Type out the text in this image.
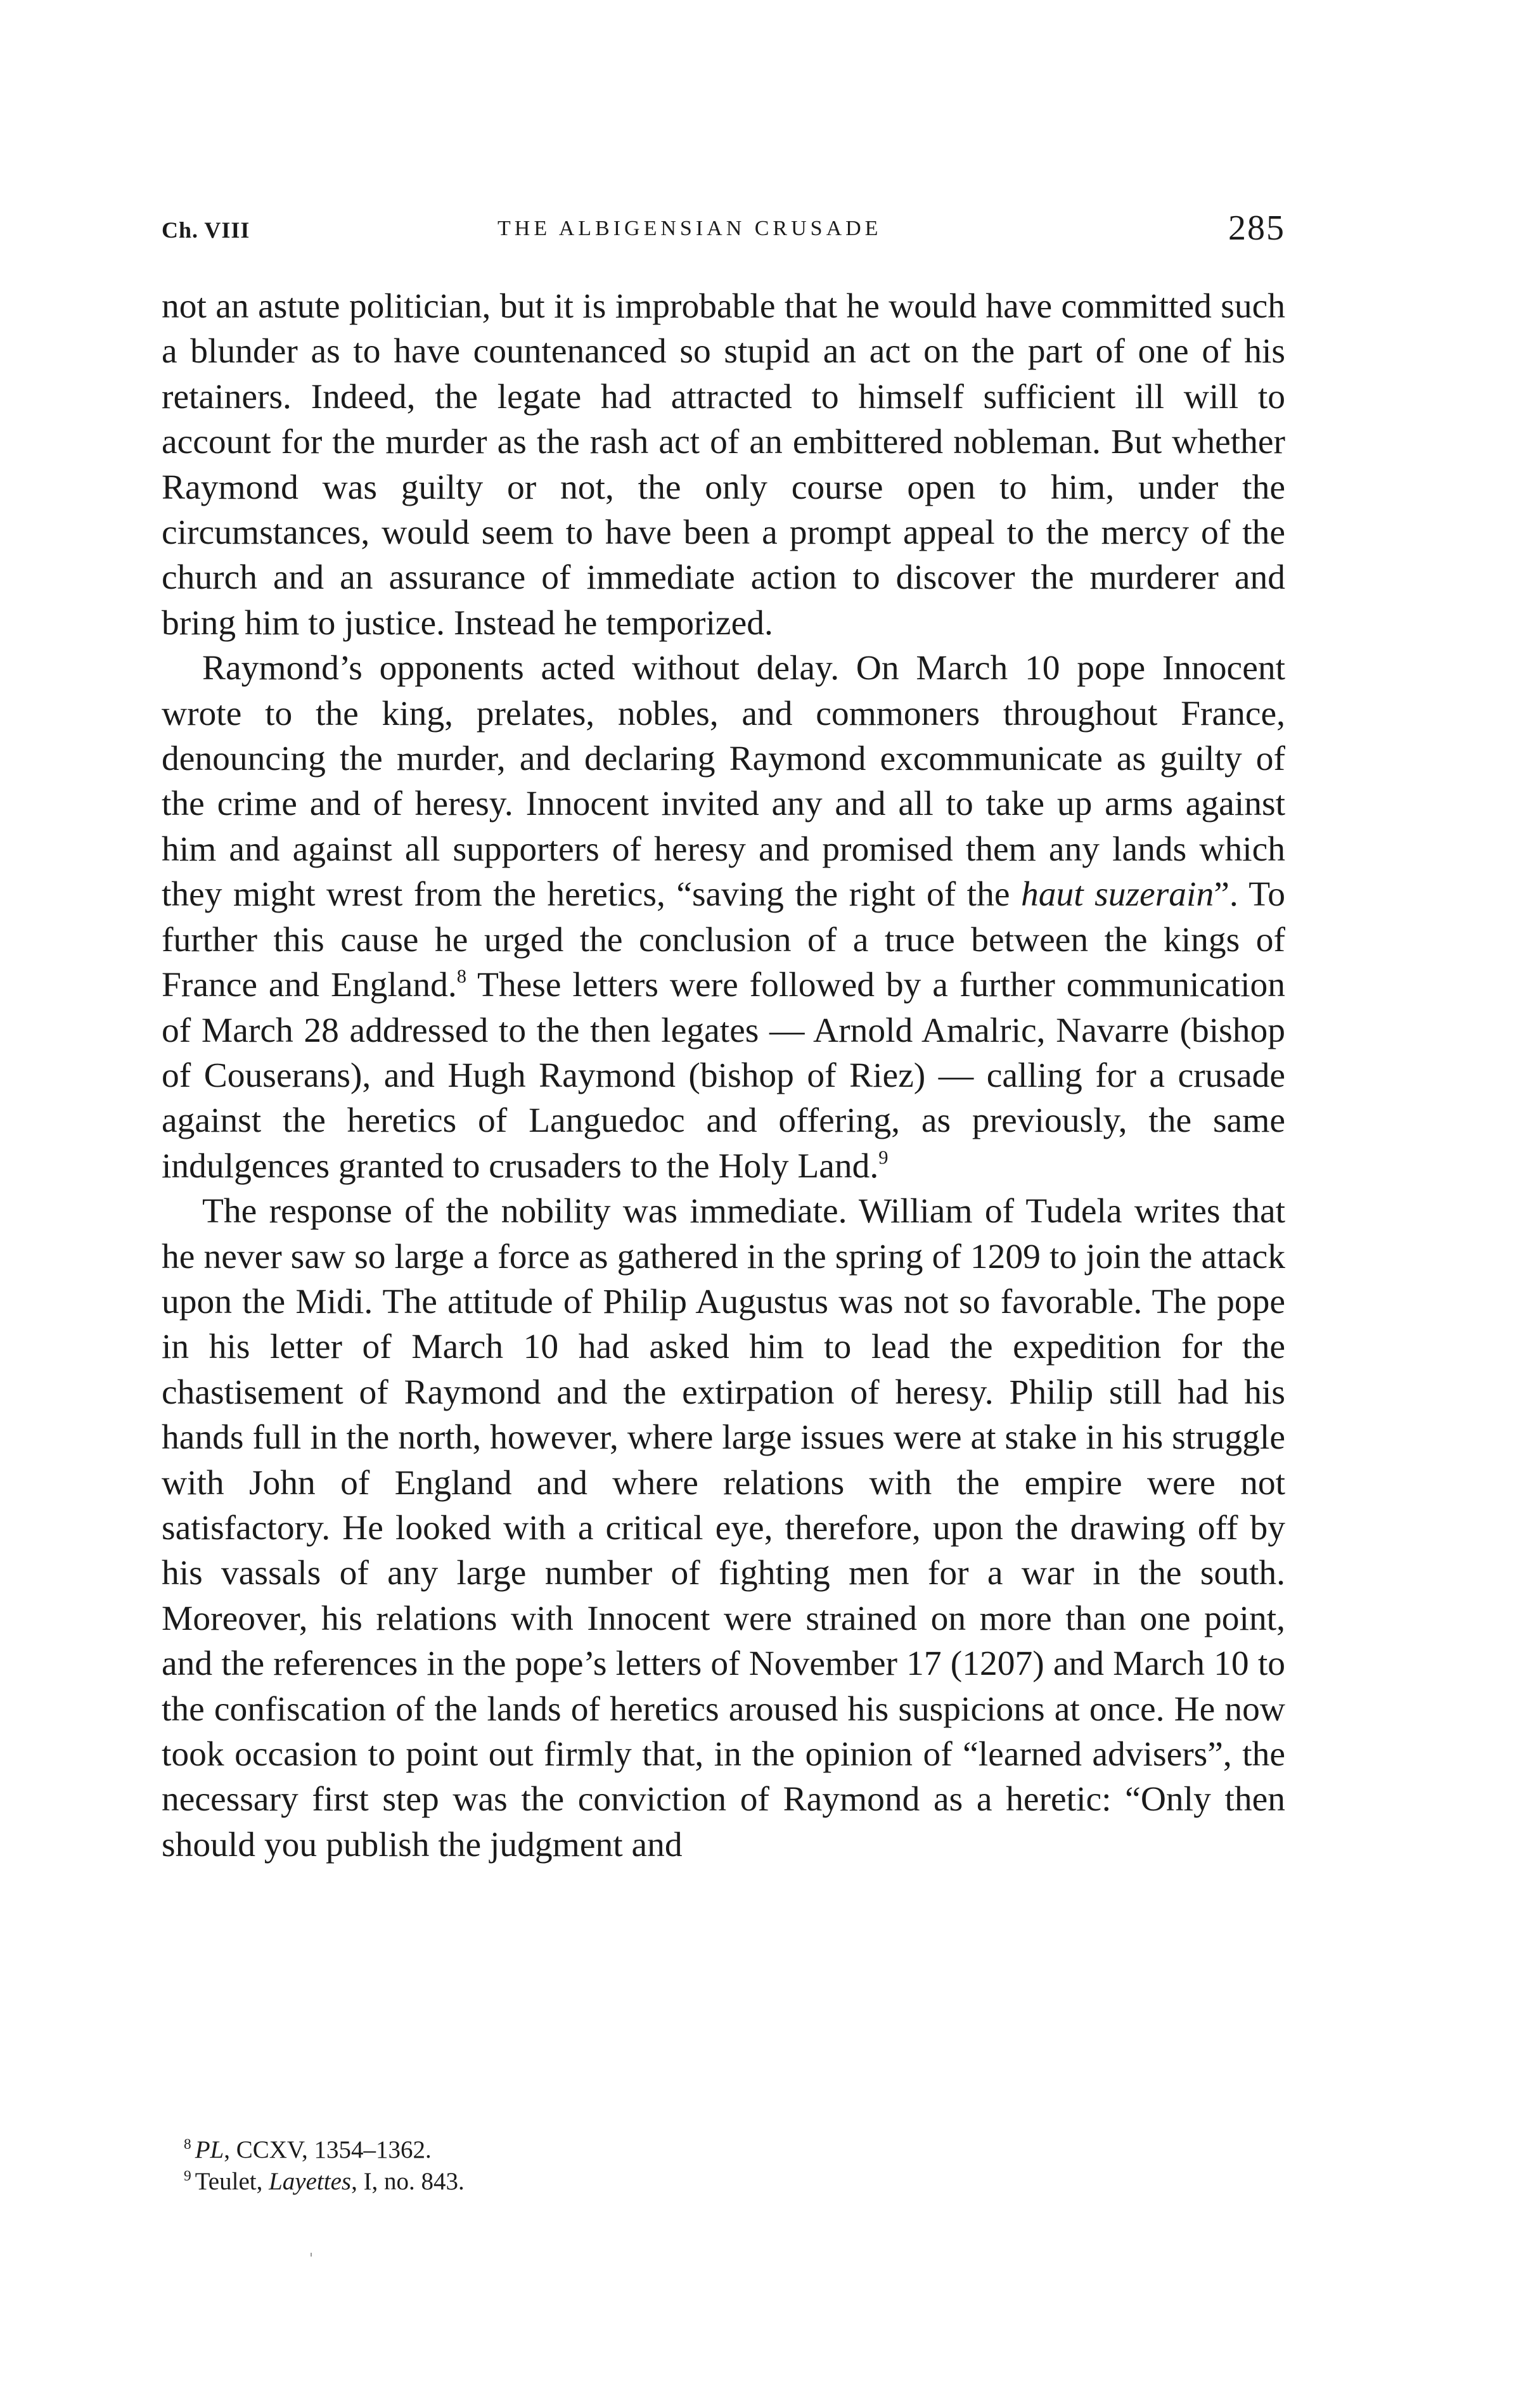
Ch. VIII	THE ALBIGENSIAN CRUSADE	285

not an astute politician, but it is improbable that he would have committed such a blunder as to have countenanced so stupid an act on the part of one of his retainers. Indeed, the legate had attracted to himself sufficient ill will to account for the murder as the rash act of an embittered nobleman. But whether Raymond was guilty or not, the only course open to him, under the circumstances, would seem to have been a prompt appeal to the mercy of the church and an assurance of immediate action to discover the murderer and bring him to justice. Instead he temporized.

Raymond’s opponents acted without delay. On March 10 pope Innocent wrote to the king, prelates, nobles, and commoners throughout France, denouncing the murder, and declaring Raymond excommunicate as guilty of the crime and of heresy. Innocent invited any and all to take up arms against him and against all supporters of heresy and promised them any lands which they might wrest from the heretics, “saving the right of the haut suzerain”. To further this cause he urged the conclusion of a truce between the kings of France and England.$^8$ These letters were followed by a further communication of March 28 addressed to the then legates — Arnold Amalric, Navarre (bishop of Couserans), and Hugh Raymond (bishop of Riez) — calling for a crusade against the heretics of Languedoc and offering, as previously, the same indulgences granted to crusaders to the Holy Land.$^9$

The response of the nobility was immediate. William of Tudela writes that he never saw so large a force as gathered in the spring of 1209 to join the attack upon the Midi. The attitude of Philip Augustus was not so favorable. The pope in his letter of March 10 had asked him to lead the expedition for the chastisement of Raymond and the extirpation of heresy. Philip still had his hands full in the north, however, where large issues were at stake in his struggle with John of England and where relations with the empire were not satisfactory. He looked with a critical eye, therefore, upon the drawing off by his vassals of any large number of fighting men for a war in the south. Moreover, his relations with Innocent were strained on more than one point, and the references in the pope’s letters of November 17 (1207) and March 10 to the confiscation of the lands of heretics aroused his suspicions at once. He now took occasion to point out firmly that, in the opinion of “learned advisers”, the necessary first step was the conviction of Raymond as a heretic: “Only then should you publish the judgment and

$^8$ PL, CCXV, 1354–1362.

$^9$ Teulet, Layettes, I, no. 843.
